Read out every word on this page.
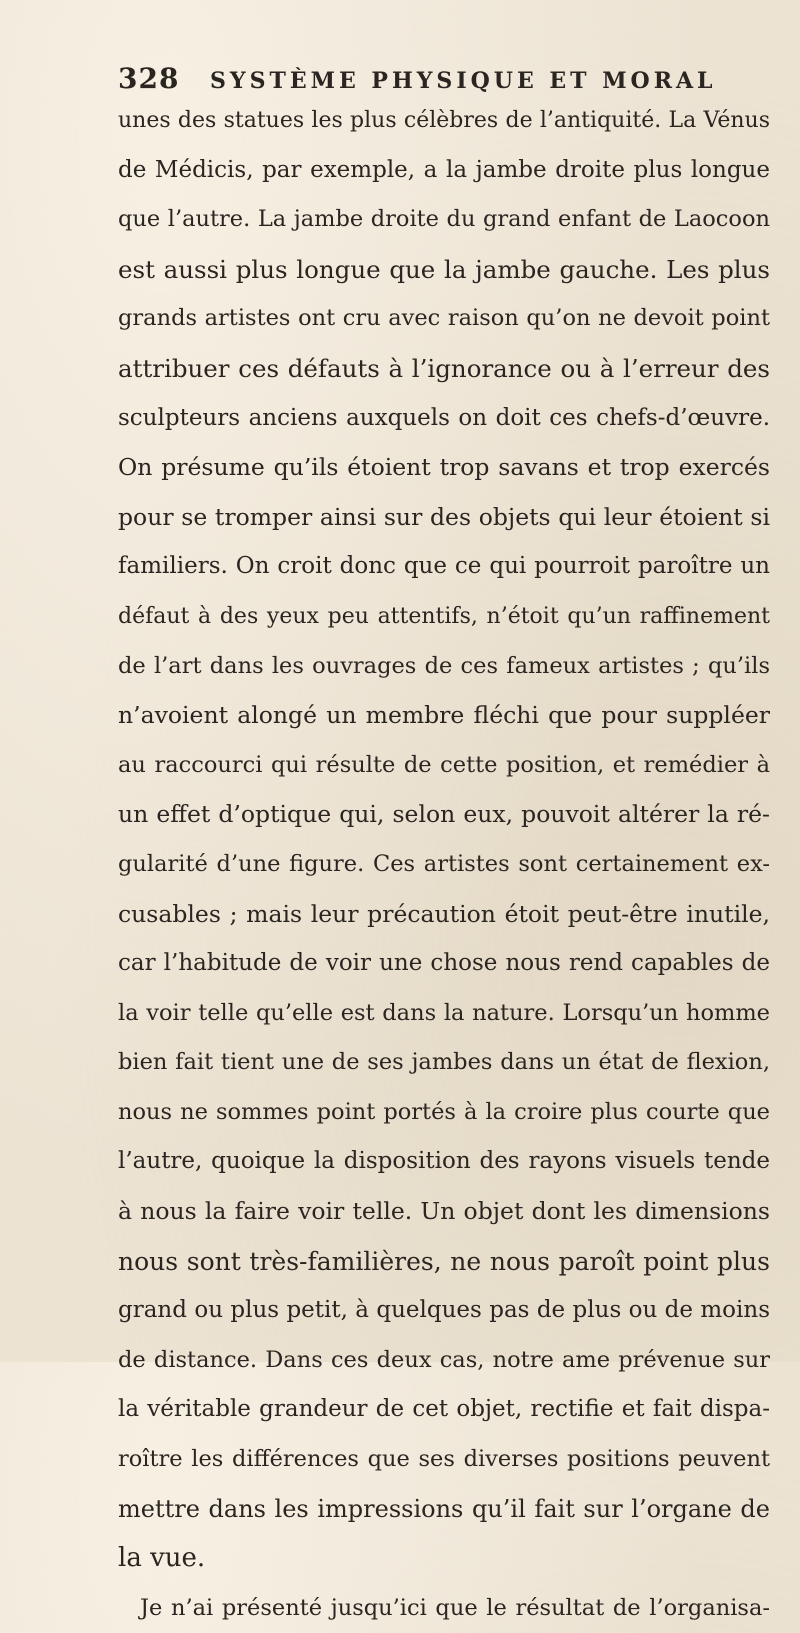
328	SYSTÈME PHYSIQUE ET MORAL
unes des statues les plus célèbres de l’antiquité. La Vénus
de Médicis, par exemple, a la jambe droite plus longue
que l’autre. La jambe droite du grand enfant de Laocoon
est aussi plus longue que la jambe gauche. Les plus
grands artistes ont cru avec raison qu’on ne devoit point
attribuer ces défauts à l’ignorance ou à l’erreur des
sculpteurs anciens auxquels on doit ces chefs-d’œuvre.
On présume qu’ils étoient trop savans et trop exercés
pour se tromper ainsi sur des objets qui leur étoient si
familiers. On croit donc que ce qui pourroit paroître un
défaut à des yeux peu attentifs, n’étoit qu’un raffinement
de l’art dans les ouvrages de ces fameux artistes ; qu’ils
n’avoient alongé un membre fléchi que pour suppléer
au raccourci qui résulte de cette position, et remédier à
un effet d’optique qui, selon eux, pouvoit altérer la ré-
gularité d’une figure. Ces artistes sont certainement ex-
cusables ; mais leur précaution étoit peut-être inutile,
car l’habitude de voir une chose nous rend capables de
la voir telle qu’elle est dans la nature. Lorsqu’un homme
bien fait tient une de ses jambes dans un état de flexion,
nous ne sommes point portés à la croire plus courte que
l’autre, quoique la disposition des rayons visuels tende
à nous la faire voir telle. Un objet dont les dimensions
nous sont très-familières, ne nous paroît point plus
grand ou plus petit, à quelques pas de plus ou de moins
de distance. Dans ces deux cas, notre ame prévenue sur
la véritable grandeur de cet objet, rectifie et fait dispa-
roître les différences que ses diverses positions peuvent
mettre dans les impressions qu’il fait sur l’organe de
la vue.
Je n’ai présenté jusqu’ici que le résultat de l’organisa-
